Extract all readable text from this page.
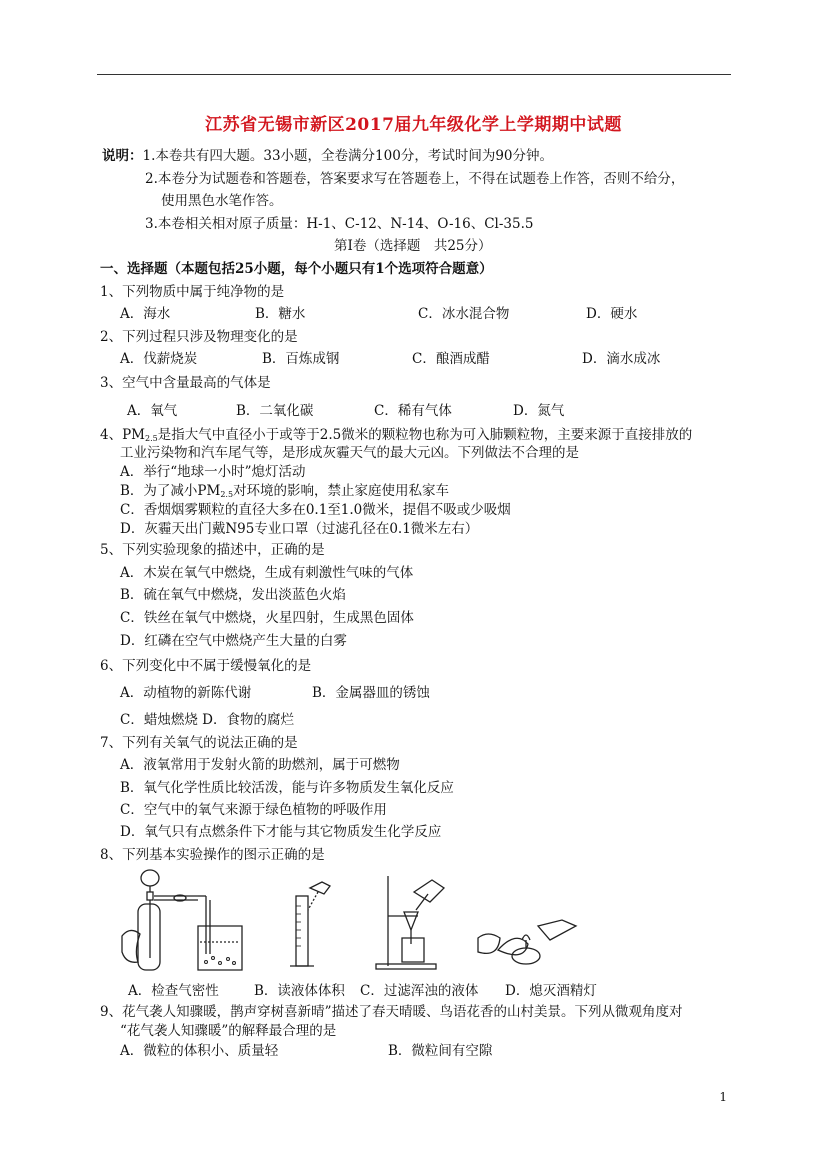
江苏省无锡市新区2017届九年级化学上学期期中试题
说明：1.本卷共有四大题。33小题，全卷满分100分，考试时间为90分钟。
2.本卷分为试题卷和答题卷，答案要求写在答题卷上，不得在试题卷上作答，否则不给分，
使用黑色水笔作答。
3.本卷相关相对原子质量：H-1、C-12、N-14、O-16、Cl-35.5
第Ⅰ卷（选择题　共25分）
一、选择题（本题包括25小题，每个小题只有1个选项符合题意）
1、下列物质中属于纯净物的是
A．海水	B．糖水	C．冰水混合物	D．硬水
2、下列过程只涉及物理变化的是
A．伐薪烧炭	B．百炼成钢	C．酿酒成醋	D．滴水成冰
3、空气中含量最高的气体是
A．氧气	B．二氧化碳	C．稀有气体	D．氮气
4、$PM_{2.5}$是指大气中直径小于或等于2.5微米的颗粒物也称为可入肺颗粒物，主要来源于直接排放的
工业污染物和汽车尾气等，是形成灰霾天气的最大元凶。下列做法不合理的是
A．举行“地球一小时”熄灯活动
B．为了减小$PM_{2.5}$对环境的影响，禁止家庭使用私家车
C．香烟烟雾颗粒的直径大多在0.1至1.0微米，提倡不吸或少吸烟
D．灰霾天出门戴N95专业口罩（过滤孔径在0.1微米左右）
5、下列实验现象的描述中，正确的是
A．木炭在氧气中燃烧，生成有刺激性气味的气体
B．硫在氧气中燃烧，发出淡蓝色火焰
C．铁丝在氧气中燃烧，火星四射，生成黑色固体
D．红磷在空气中燃烧产生大量的白雾
6、下列变化中不属于缓慢氧化的是
A．动植物的新陈代谢	B．金属器皿的锈蚀
C．蜡烛燃烧 D．食物的腐烂
7、下列有关氧气的说法正确的是
A．液氧常用于发射火箭的助燃剂，属于可燃物
B．氧气化学性质比较活泼，能与许多物质发生氧化反应
C．空气中的氧气来源于绿色植物的呼吸作用
D．氧气只有点燃条件下才能与其它物质发生化学反应
8、下列基本实验操作的图示正确的是
A．检查气密性	B．读液体体积 C．过滤浑浊的液体 D．熄灭酒精灯
9、花气袭人知骤暖，鹊声穿树喜新晴”描述了春天晴暖、鸟语花香的山村美景。下列从微观角度对
“花气袭人知骤暖”的解释最合理的是
A．微粒的体积小、质量轻	B．微粒间有空隙
1
